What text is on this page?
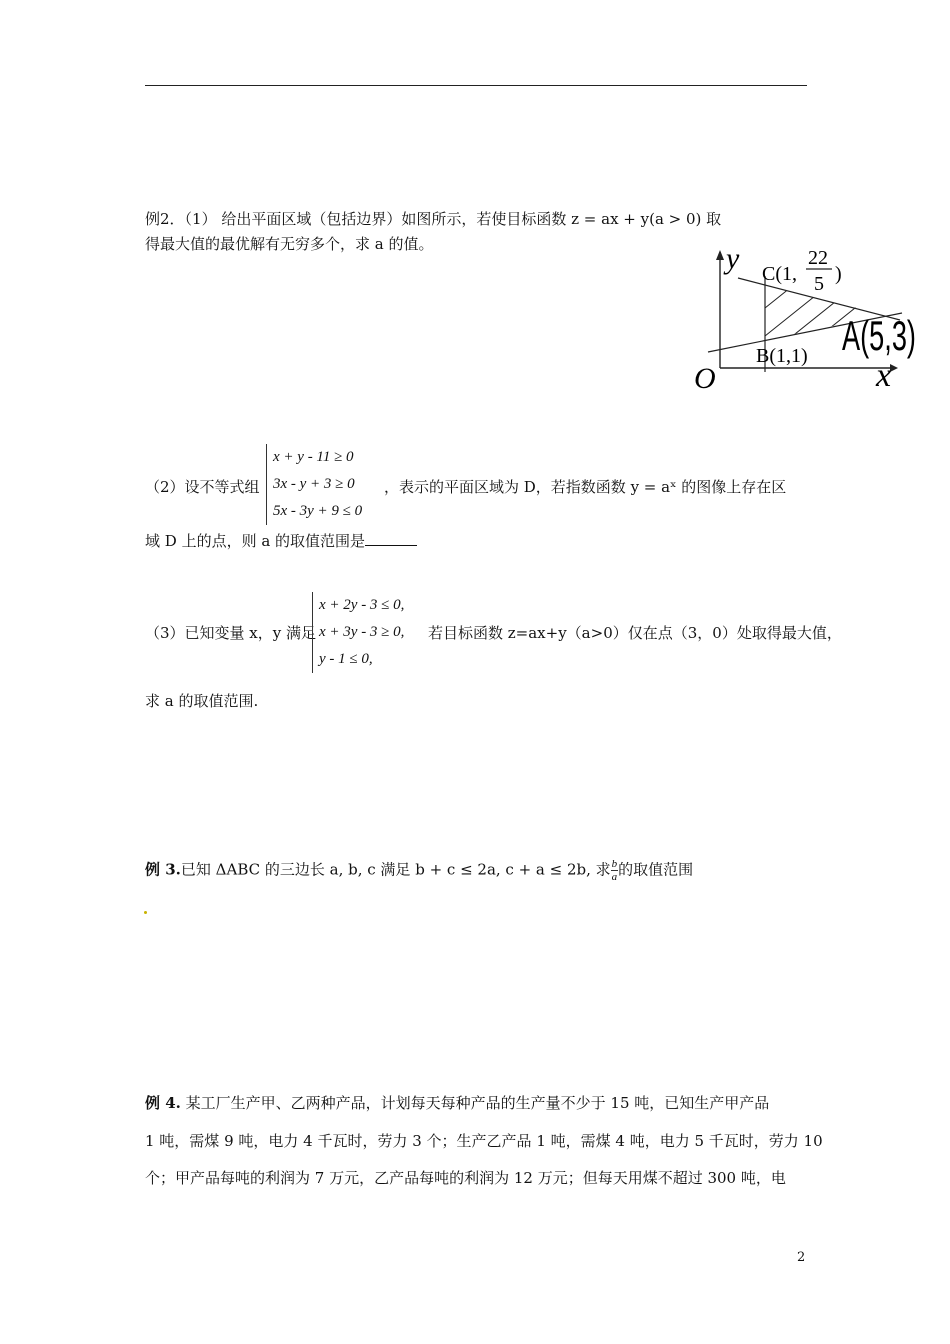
例2．（1） 给出平面区域（包括边界）如图所示，若使目标函数 z = ax + y(a > 0) 取
得最大值的最优解有无穷多个，求 a 的值。	y
x
O
C(1,
22
5 )
A(5,3)
B(1,1)
（2）设不等式组
x + y - 11 ≥ 0
3x - y + 3 ≥ 0
5x - 3y + 9 ≤ 0
，表示的平面区域为 D，若指数函数 y = aˣ 的图像上存在区
域 D 上的点，则 a 的取值范围是
（3）已知变量 x，y 满足
x + 2y - 3 ≤ 0,
x + 3y - 3 ≥ 0,
y - 1 ≤ 0,
若目标函数 z=ax+y（a>0）仅在点（3，0）处取得最大值，
求 a 的取值范围.
例 3.已知 ΔABC 的三边长 a, b, c 满足 b + c ≤ 2a, c + a ≤ 2b, 求 $\frac{b}{a}$ 的取值范围
例 4. 某工厂生产甲、乙两种产品，计划每天每种产品的生产量不少于 15 吨，已知生产甲产品
1 吨，需煤 9 吨，电力 4 千瓦时，劳力 3 个；生产乙产品 1 吨，需煤 4 吨，电力 5 千瓦时，劳力 10
个；甲产品每吨的利润为 7 万元，乙产品每吨的利润为 12 万元；但每天用煤不超过 300 吨，电
2
